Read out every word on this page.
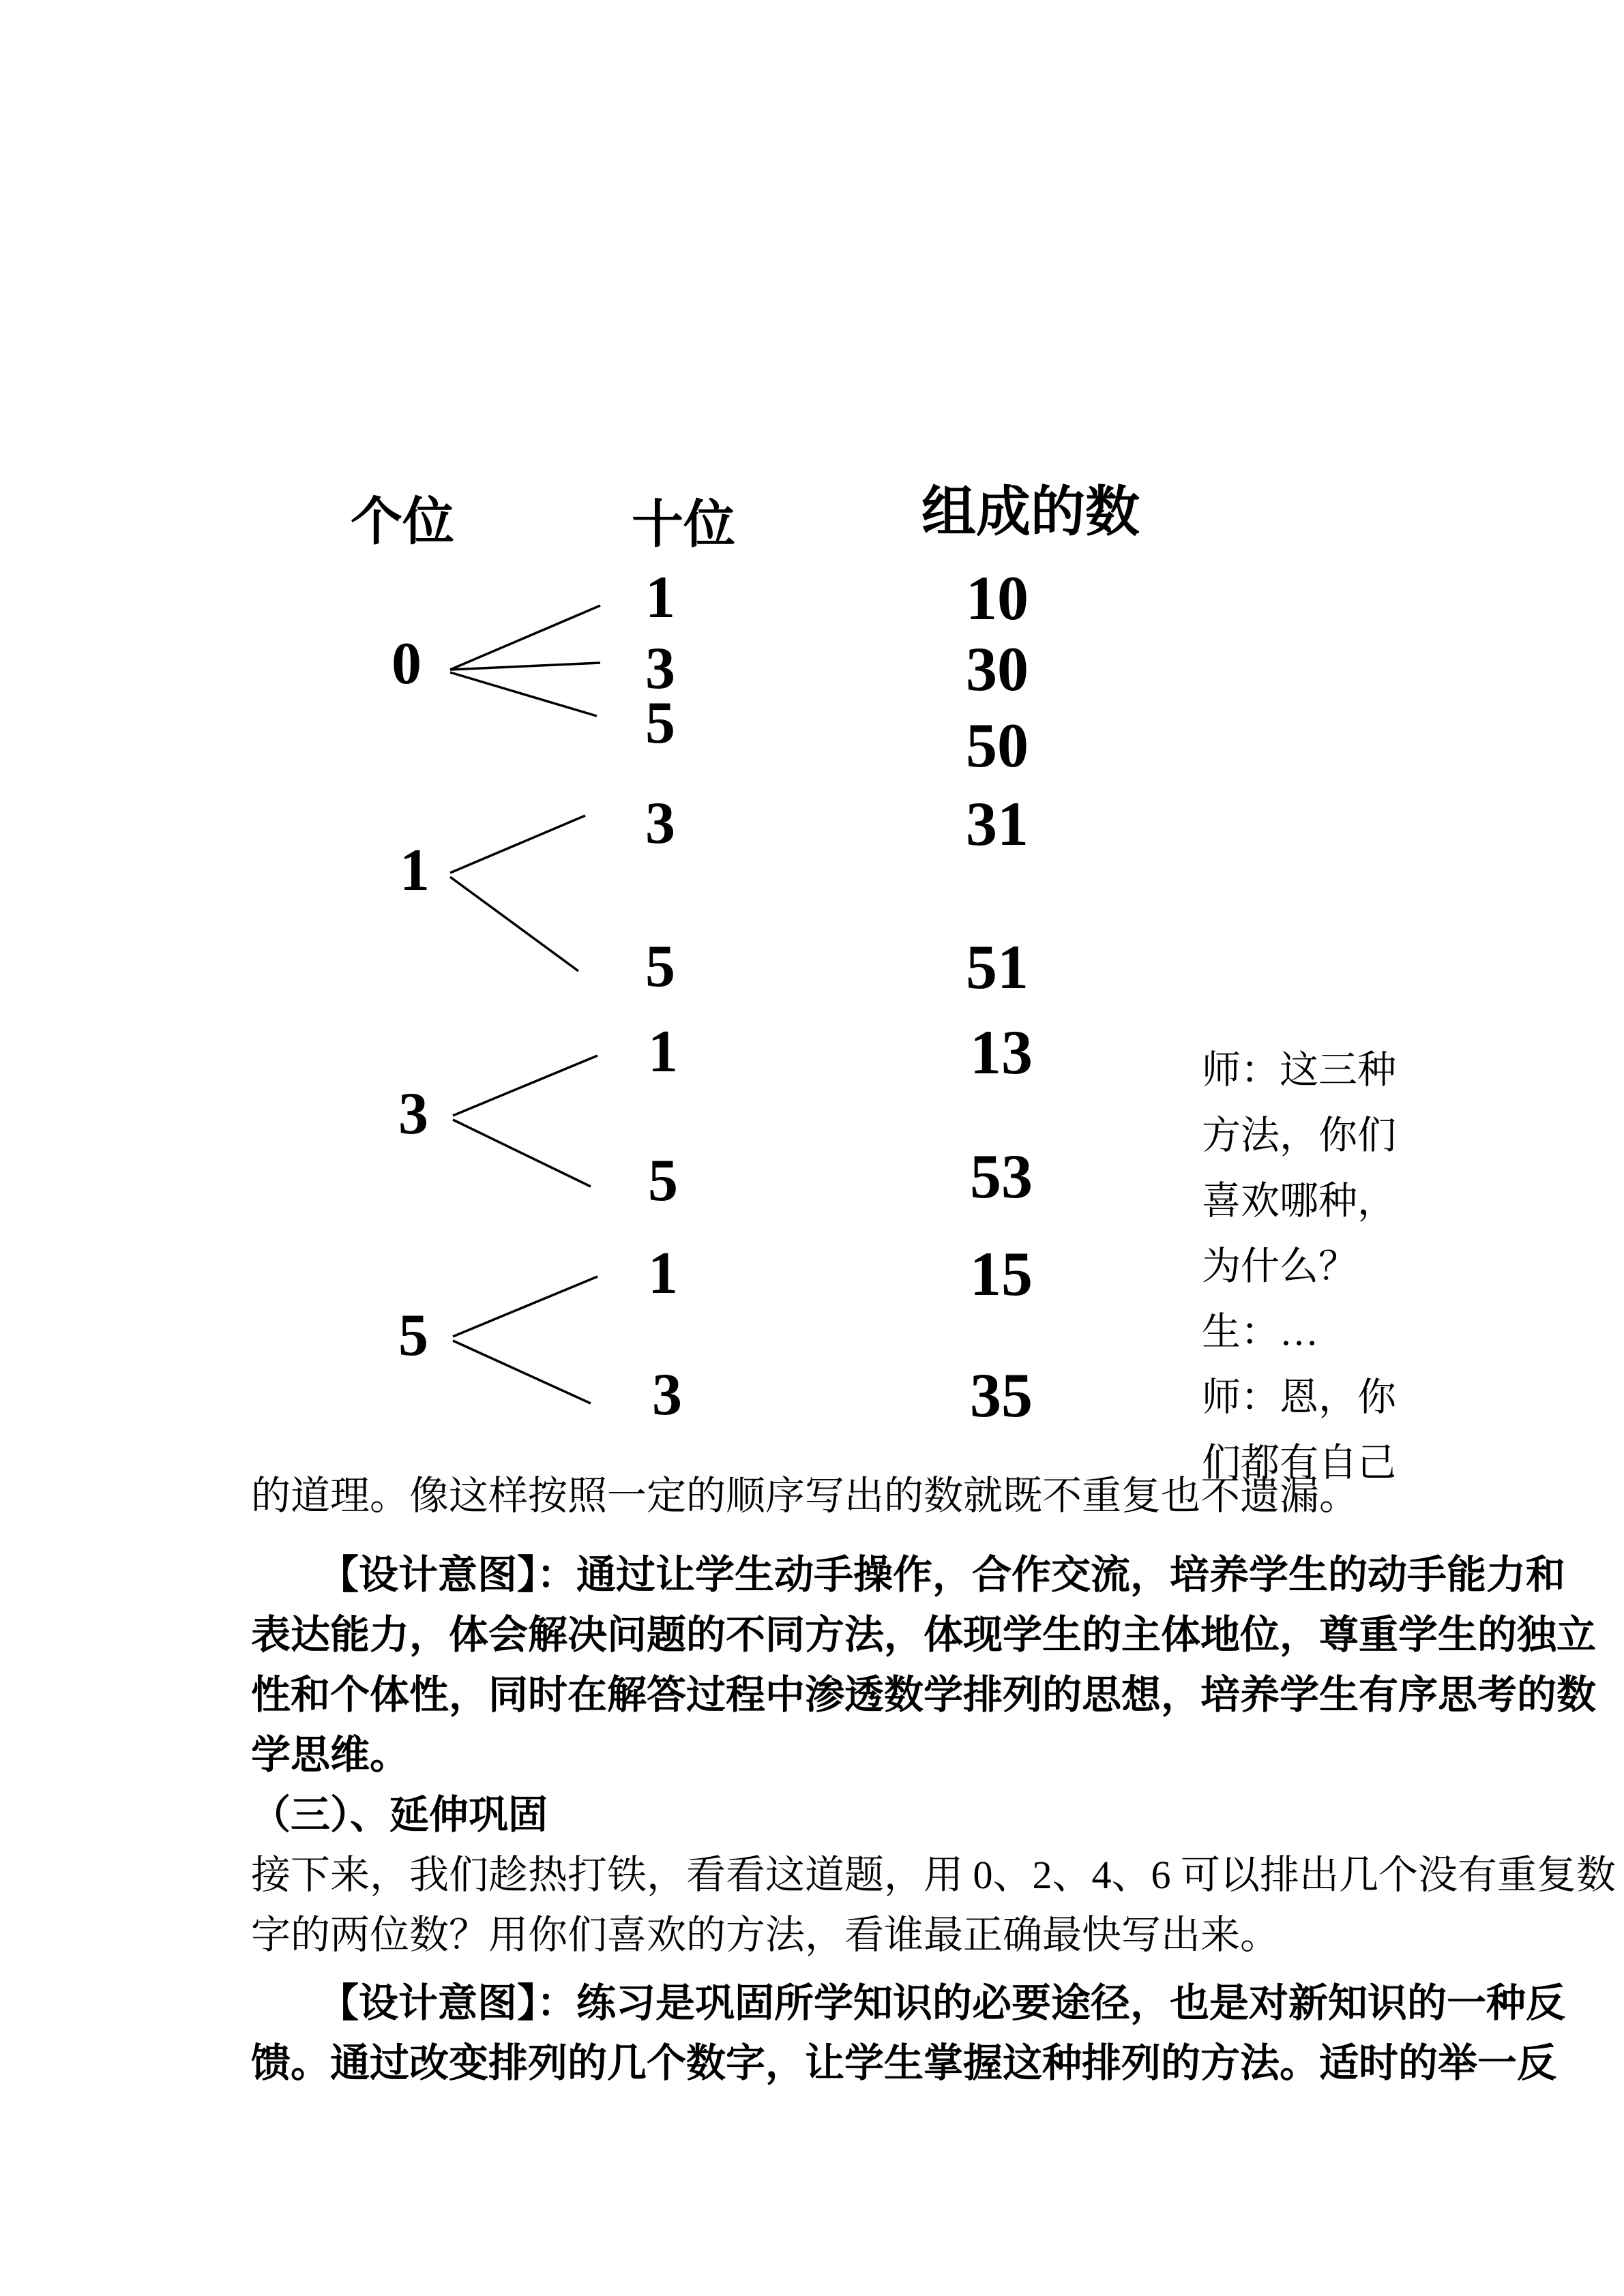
个位	十位	组成的数
0
1
3
5
1
3
5
3
5
1
5
1
3
10
30
50
31
51
13
53
15
35
师：这三种
方法，你们
喜欢哪种，
为什么？
生：…
师：恩，你
们都有自己
的道理。像这样按照一定的顺序写出的数就既不重复也不遗漏。
【设计意图】：通过让学生动手操作，合作交流，培养学生的动手能力和
表达能力，体会解决问题的不同方法，体现学生的主体地位，尊重学生的独立
性和个体性，同时在解答过程中渗透数学排列的思想，培养学生有序思考的数
学思维。
（三）、延伸巩固
接下来，我们趁热打铁，看看这道题，用 0、2、4、6 可以排出几个没有重复数
字的两位数？用你们喜欢的方法，看谁最正确最快写出来。
【设计意图】：练习是巩固所学知识的必要途径，也是对新知识的一种反
馈。通过改变排列的几个数字，让学生掌握这种排列的方法。适时的举一反
